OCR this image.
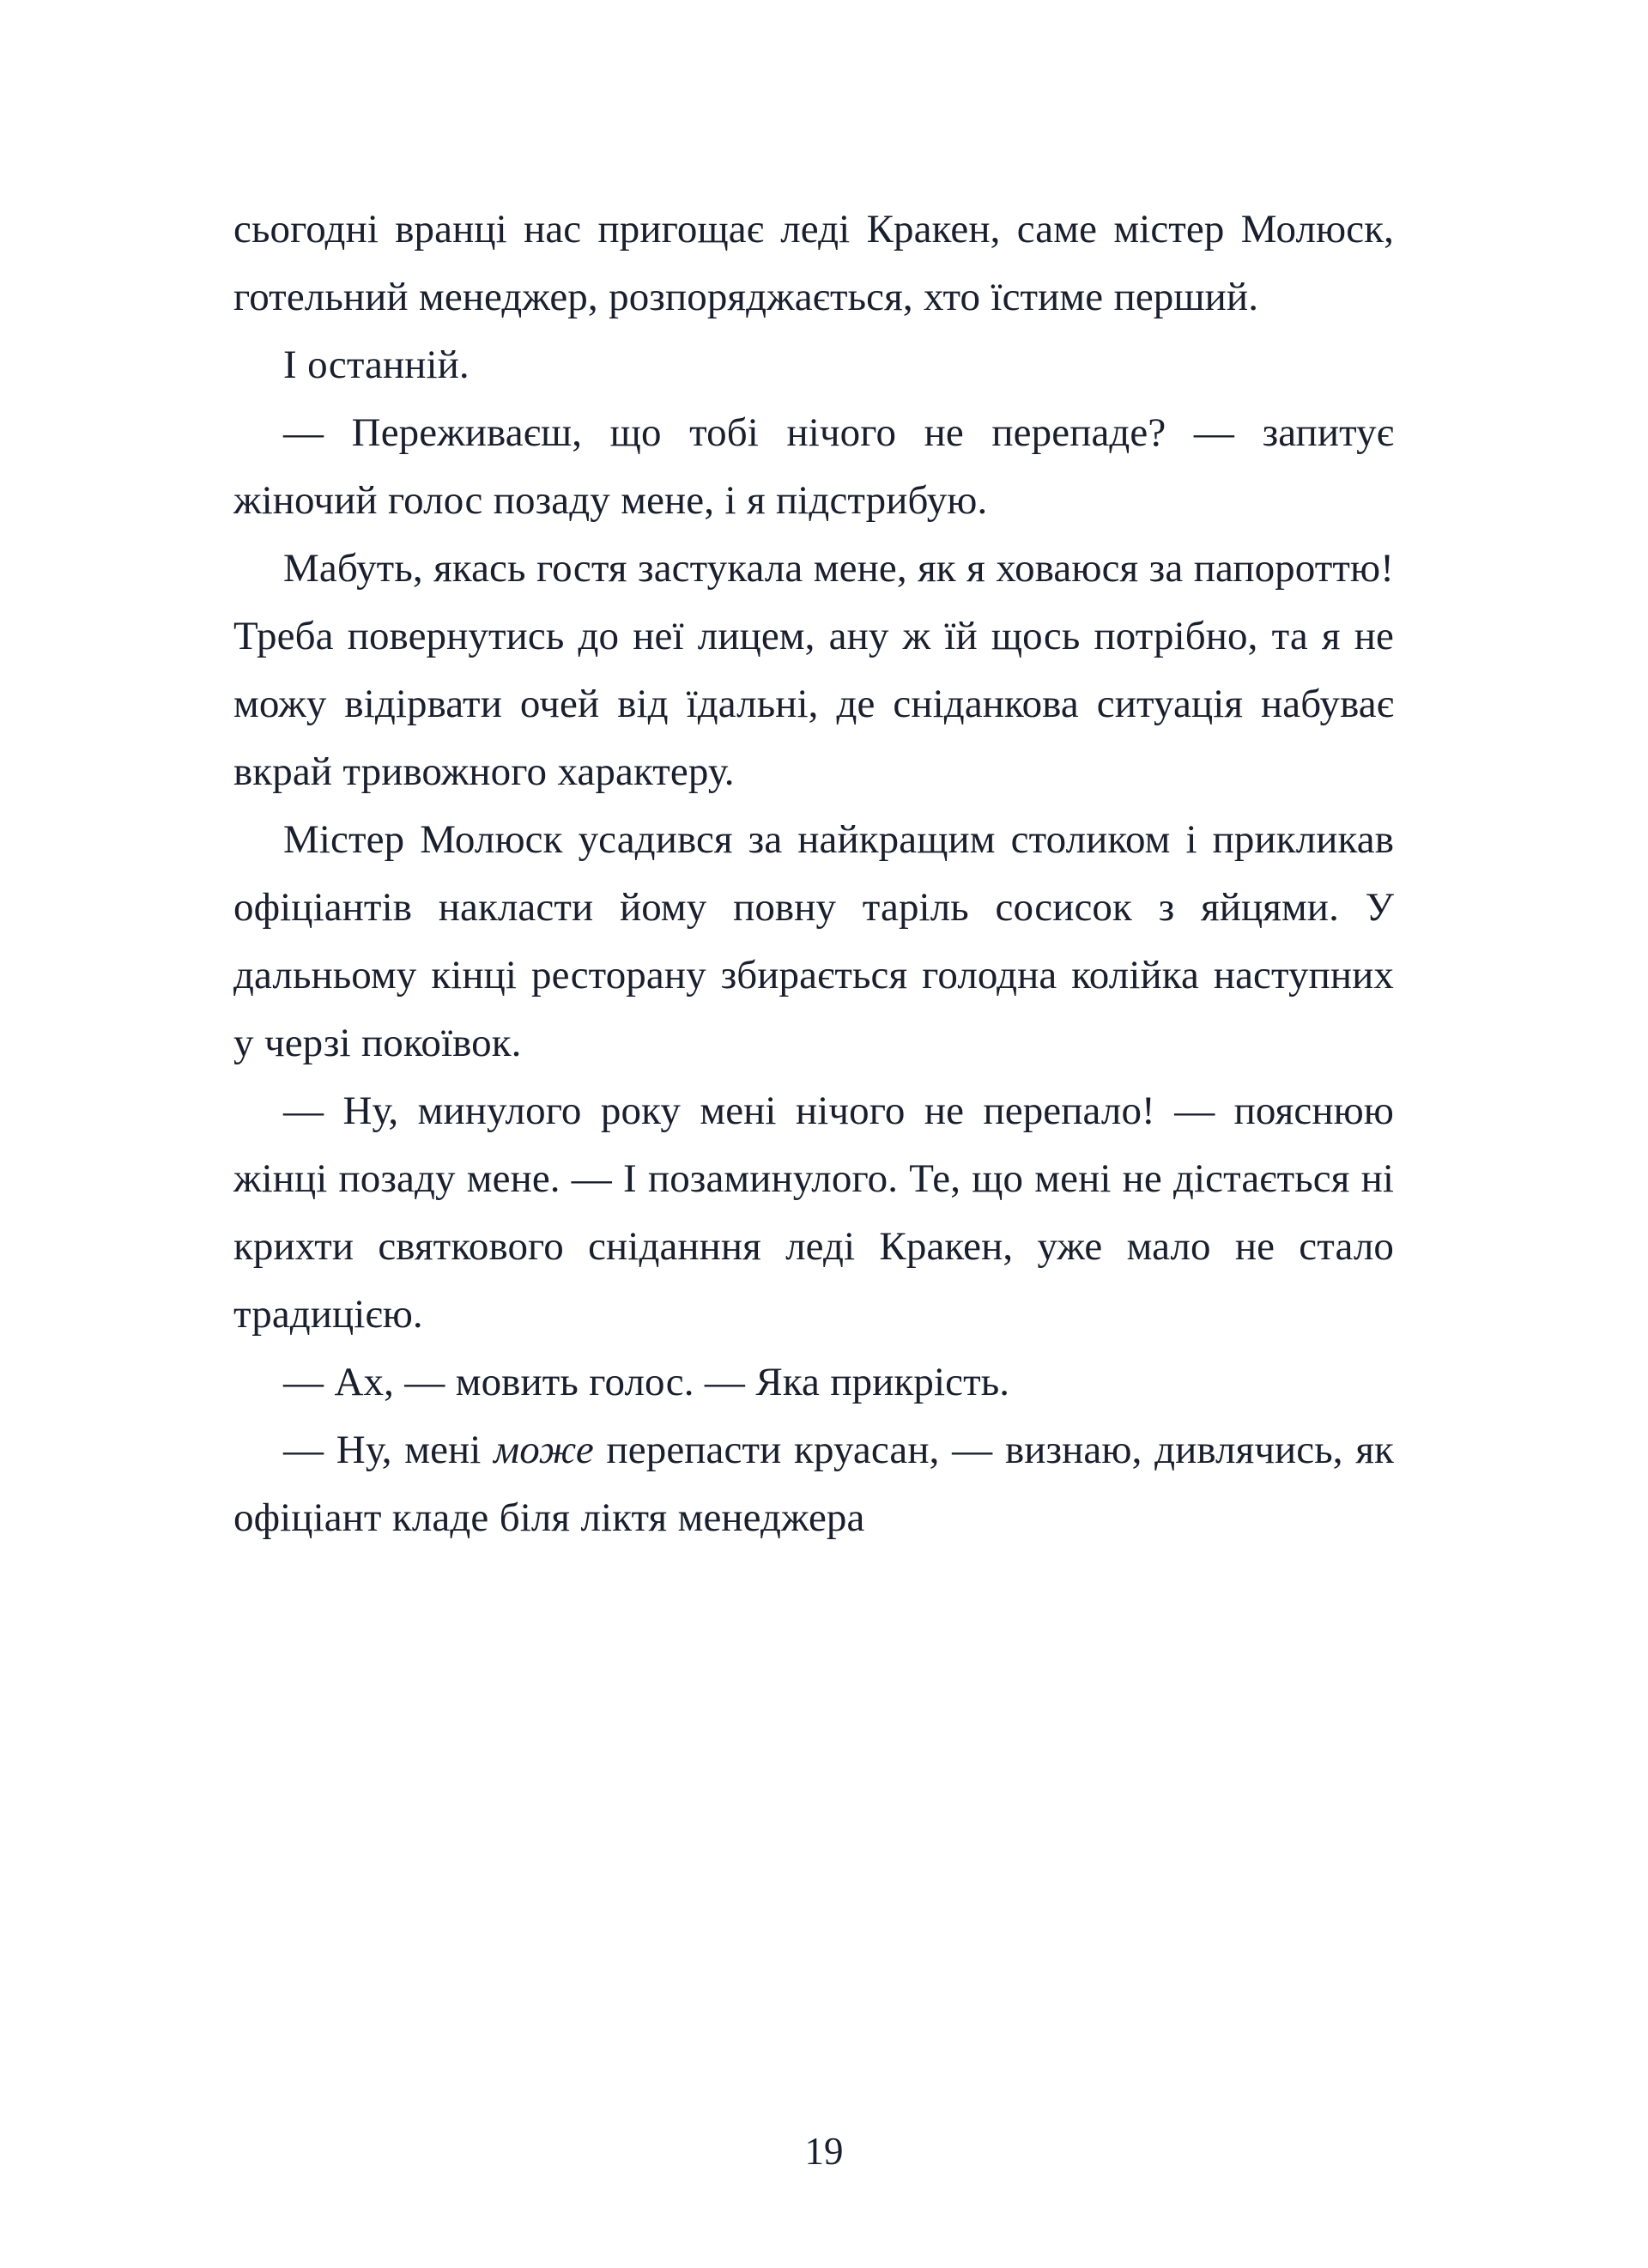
сьогодні вранці нас пригощає леді Кракен, саме містер Молюск, готельний менеджер, розпоряджається, хто їстиме перший.

І останній.

— Переживаєш, що тобі нічого не перепаде? — запитує жіночий голос позаду мене, і я підстрибую.

Мабуть, якась гостя застукала мене, як я ховаюся за папороттю! Треба повернутись до неї лицем, ану ж їй щось потрібно, та я не можу відірвати очей від їдальні, де сніданкова ситуація набуває вкрай тривожного характеру.

Містер Молюск усадився за найкращим столиком і прикликав офіціантів накласти йому повну таріль сосисок з яйцями. У дальньому кінці ресторану збирається голодна колійка наступних у черзі покоївок.

— Ну, минулого року мені нічого не перепало! — пояснюю жінці позаду мене. — І позаминулого. Те, що мені не дістається ні крихти святкового сніданння леді Кракен, уже мало не стало традицією.

— Ах, — мовить голос. — Яка прикрість.

— Ну, мені може перепасти круасан, — визнаю, дивлячись, як офіціант кладе біля ліктя менеджера

19
